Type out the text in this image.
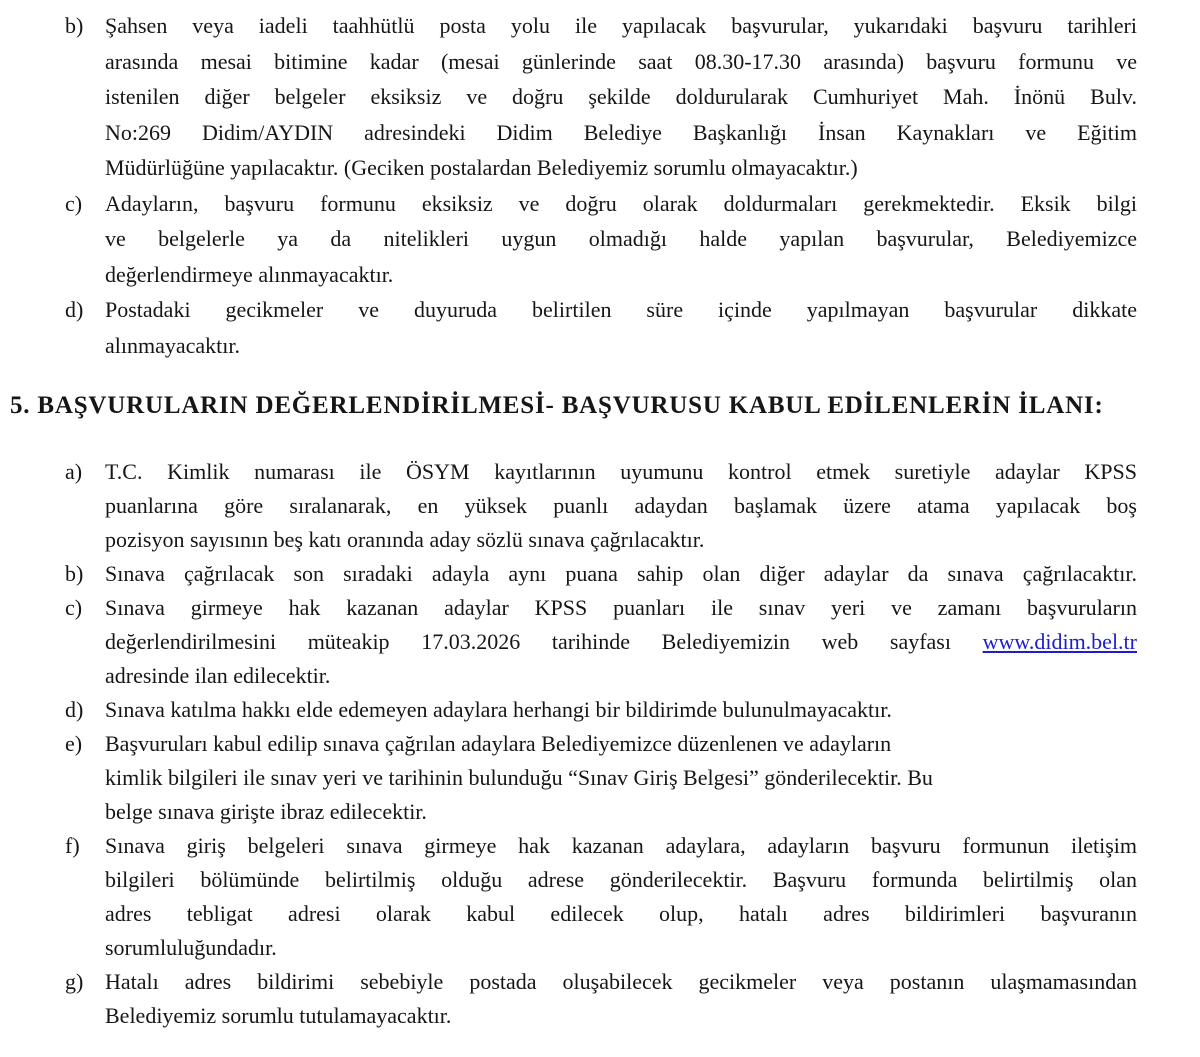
b) Şahsen veya iadeli taahhütlü posta yolu ile yapılacak başvurular, yukarıdaki başvuru tarihleri
arasında mesai bitimine kadar (mesai günlerinde saat 08.30-17.30 arasında) başvuru formunu ve
istenilen diğer belgeler eksiksiz ve doğru şekilde doldurularak Cumhuriyet Mah. İnönü Bulv.
No:269 Didim/AYDIN adresindeki Didim Belediye Başkanlığı İnsan Kaynakları ve Eğitim
Müdürlüğüne yapılacaktır. (Geciken postalardan Belediyemiz sorumlu olmayacaktır.)
c) Adayların, başvuru formunu eksiksiz ve doğru olarak doldurmaları gerekmektedir. Eksik bilgi
ve belgelerle ya da nitelikleri uygun olmadığı halde yapılan başvurular, Belediyemizce
değerlendirmeye alınmayacaktır.
d) Postadaki gecikmeler ve duyuruda belirtilen süre içinde yapılmayan başvurular dikkate
alınmayacaktır.
5. BAŞVURULARIN DEĞERLENDİRİLMESİ- BAŞVURUSU KABUL EDİLENLERİN İLANI:
a) T.C. Kimlik numarası ile ÖSYM kayıtlarının uyumunu kontrol etmek suretiyle adaylar KPSS
puanlarına göre sıralanarak, en yüksek puanlı adaydan başlamak üzere atama yapılacak boş
pozisyon sayısının beş katı oranında aday sözlü sınava çağrılacaktır.
b) Sınava çağrılacak son sıradaki adayla aynı puana sahip olan diğer adaylar da sınava çağrılacaktır.
c) Sınava girmeye hak kazanan adaylar KPSS puanları ile sınav yeri ve zamanı başvuruların
değerlendirilmesini müteakip 17.03.2026 tarihinde Belediyemizin web sayfası www.didim.bel.tr
adresinde ilan edilecektir.
d) Sınava katılma hakkı elde edemeyen adaylara herhangi bir bildirimde bulunulmayacaktır.
e) Başvuruları kabul edilip sınava çağrılan adaylara Belediyemizce düzenlenen ve adayların
kimlik bilgileri ile sınav yeri ve tarihinin bulunduğu “Sınav Giriş Belgesi” gönderilecektir. Bu
belge sınava girişte ibraz edilecektir.
f) Sınava giriş belgeleri sınava girmeye hak kazanan adaylara, adayların başvuru formunun iletişim
bilgileri bölümünde belirtilmiş olduğu adrese gönderilecektir. Başvuru formunda belirtilmiş olan
adres tebligat adresi olarak kabul edilecek olup, hatalı adres bildirimleri başvuranın
sorumluluğundadır.
g) Hatalı adres bildirimi sebebiyle postada oluşabilecek gecikmeler veya postanın ulaşmamasından
Belediyemiz sorumlu tutulamayacaktır.
